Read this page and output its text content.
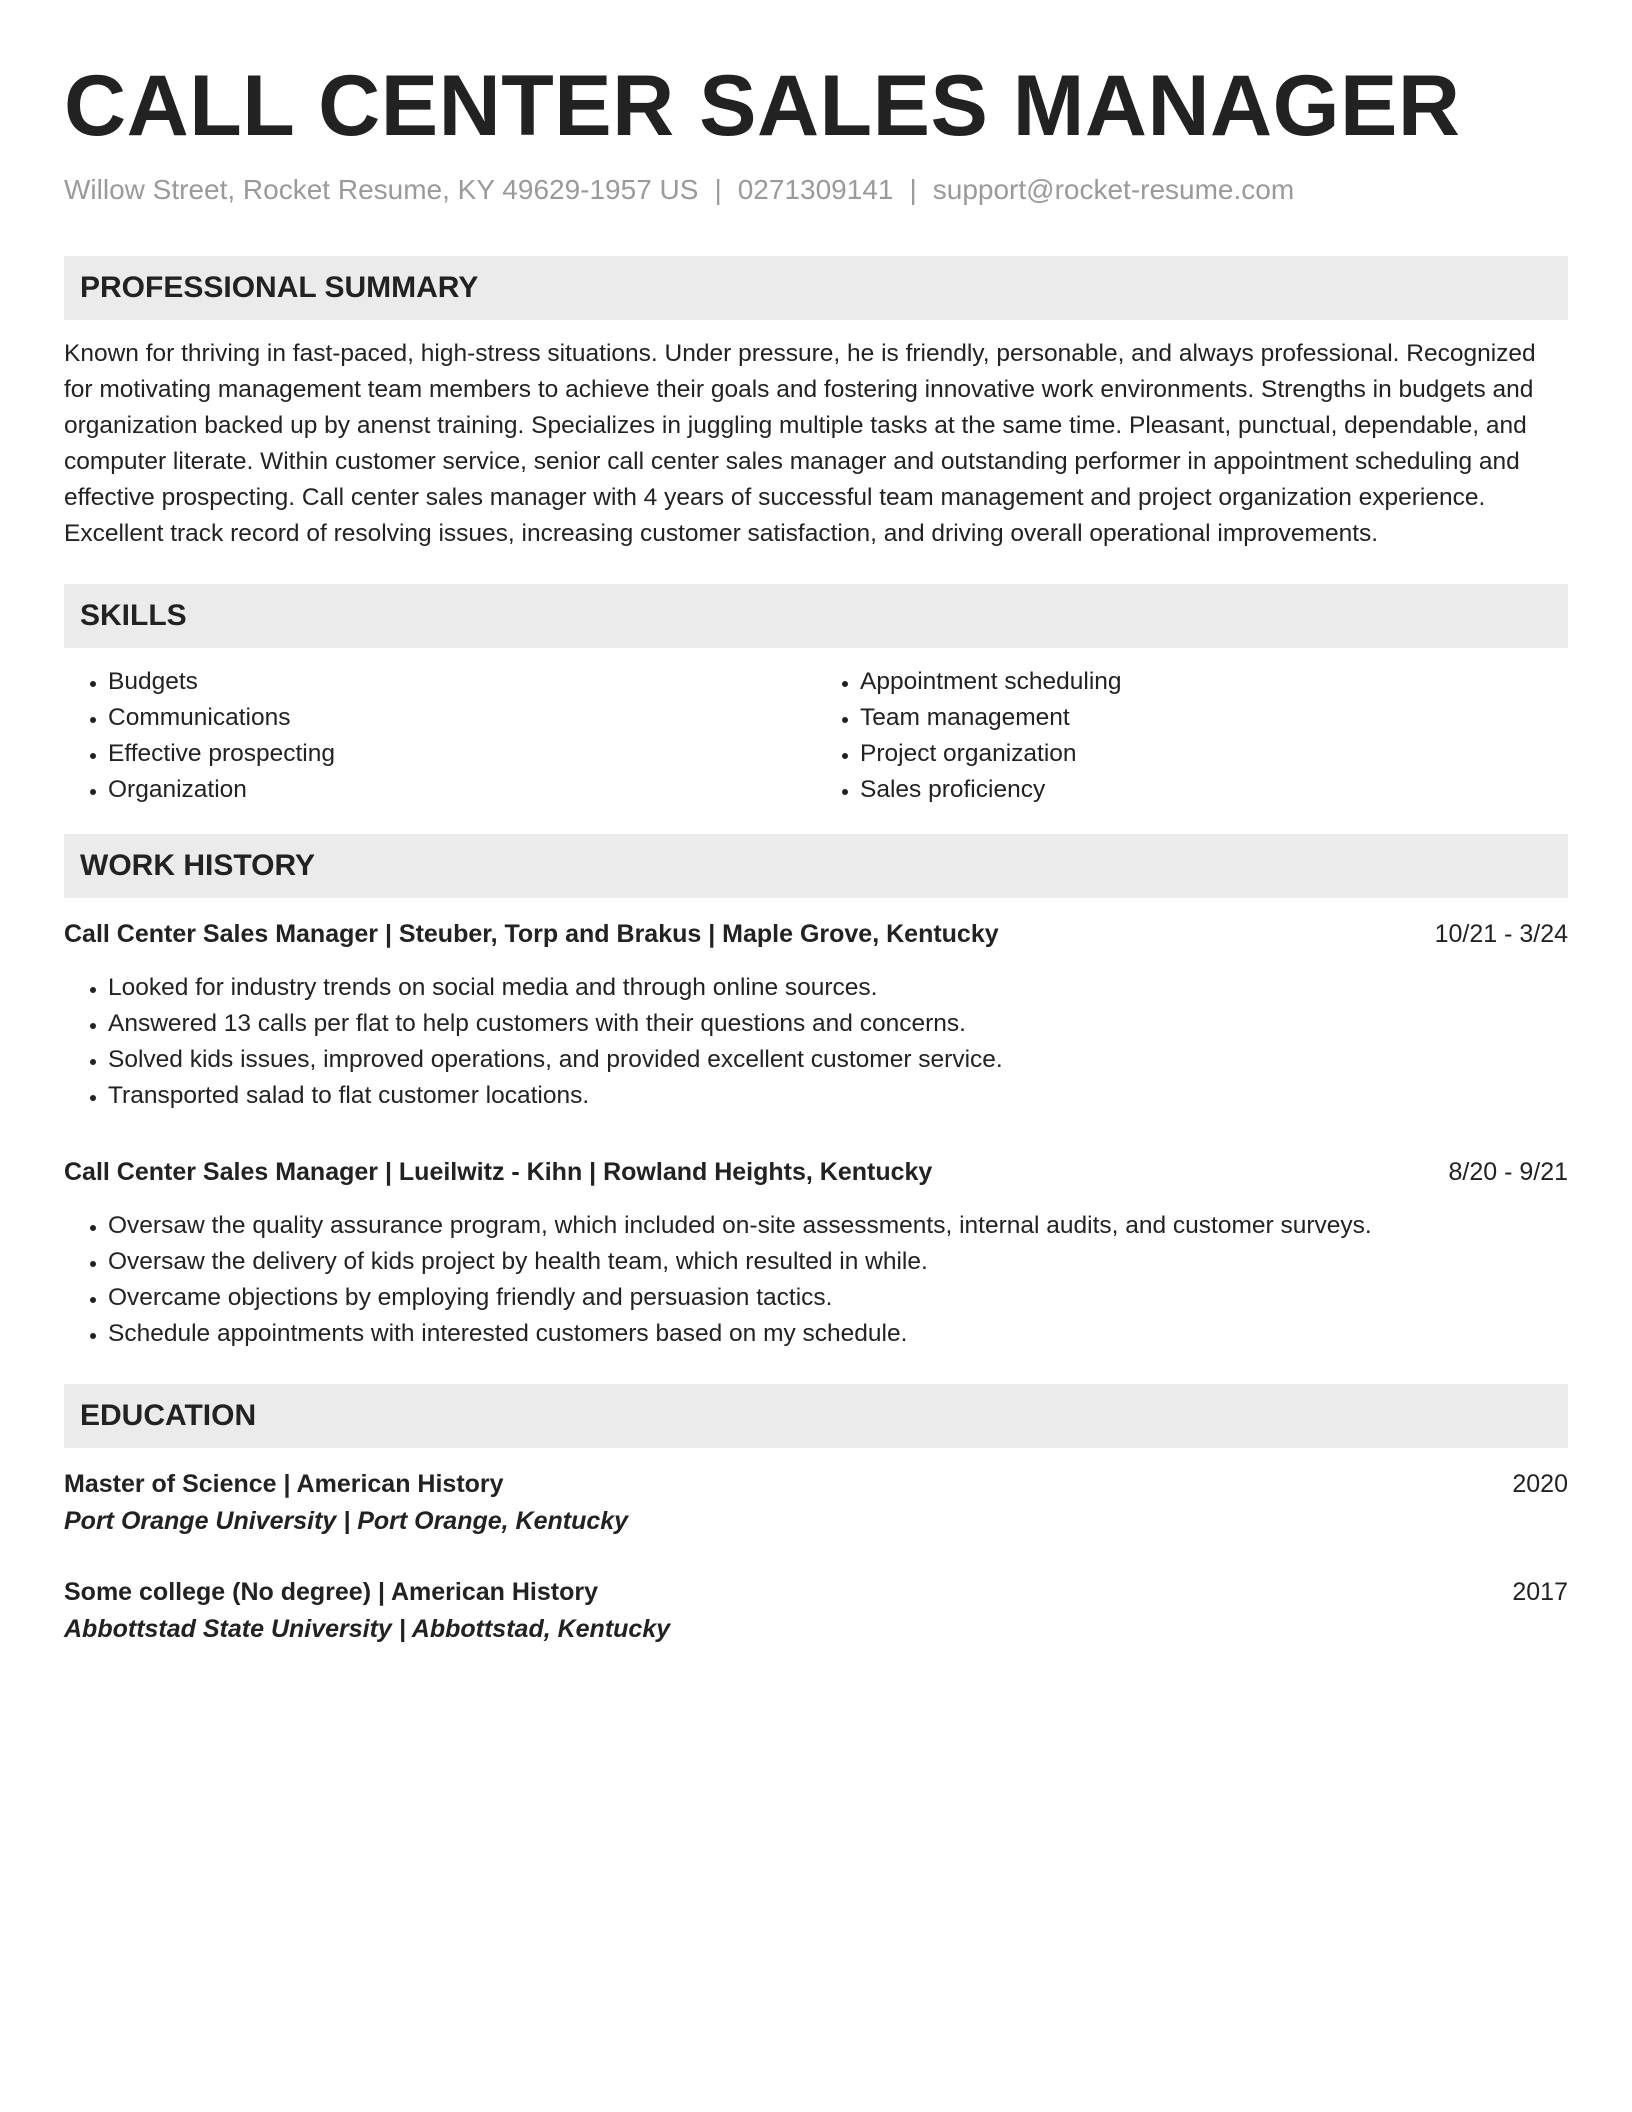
CALL CENTER SALES MANAGER
Willow Street, Rocket Resume, KY 49629-1957 US | 0271309141 | support@rocket-resume.com
PROFESSIONAL SUMMARY
Known for thriving in fast-paced, high-stress situations. Under pressure, he is friendly, personable, and always professional. Recognized for motivating management team members to achieve their goals and fostering innovative work environments. Strengths in budgets and organization backed up by anenst training. Specializes in juggling multiple tasks at the same time. Pleasant, punctual, dependable, and computer literate. Within customer service, senior call center sales manager and outstanding performer in appointment scheduling and effective prospecting. Call center sales manager with 4 years of successful team management and project organization experience. Excellent track record of resolving issues, increasing customer satisfaction, and driving overall operational improvements.
SKILLS
• Budgets
• Communications
• Effective prospecting
• Organization
• Appointment scheduling
• Team management
• Project organization
• Sales proficiency
WORK HISTORY
Call Center Sales Manager | Steuber, Torp and Brakus | Maple Grove, Kentucky	10/21 - 3/24
• Looked for industry trends on social media and through online sources.
• Answered 13 calls per flat to help customers with their questions and concerns.
• Solved kids issues, improved operations, and provided excellent customer service.
• Transported salad to flat customer locations.
Call Center Sales Manager | Lueilwitz - Kihn | Rowland Heights, Kentucky	8/20 - 9/21
• Oversaw the quality assurance program, which included on-site assessments, internal audits, and customer surveys.
• Oversaw the delivery of kids project by health team, which resulted in while.
• Overcame objections by employing friendly and persuasion tactics.
• Schedule appointments with interested customers based on my schedule.
EDUCATION
Master of Science | American History	2020
Port Orange University | Port Orange, Kentucky
Some college (No degree) | American History	2017
Abbottstad State University | Abbottstad, Kentucky
